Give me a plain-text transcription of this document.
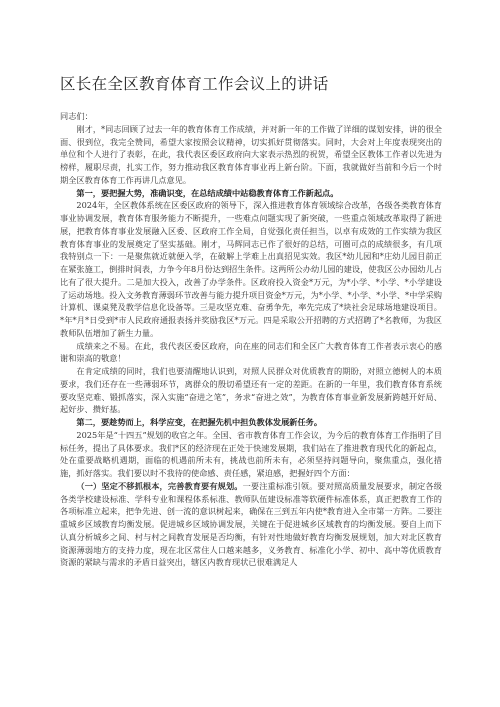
区长在全区教育体育工作会议上的讲话

同志们：

刚才，*同志回顾了过去一年的教育体育工作成绩，并对新一年的工作做了详细的谋划安排，讲的很全面、很到位，我完全赞同，希望大家按照会议精神，切实抓好贯彻落实。同时，大会对上年度表现突出的单位和个人进行了表彰，在此，我代表区委区政府向大家表示热烈的祝贺，希望全区教体工作者以先进为榜样，履职尽责，扎实工作，努力推动我区教育体育事业再上新台阶。下面，我就做好当前和今后一个时期全区教育体育工作再讲几点意见。

第一，要把握大势，准确识变，在总结成绩中站稳教育体育工作新起点。

2024年，全区教体系统在区委区政府的领导下，深入推进教育体育领域综合改革，各级各类教育体育事业协调发展，教育体育服务能力不断提升，一些难点问题实现了新突破，一些重点领域改革取得了新进展，把教育体育事业发展融入区委、区政府工作全局，自觉强化责任担当，以卓有成效的工作实绩为我区教育体育事业的发展奠定了坚实基础。刚才，马辉同志已作了很好的总结，可圈可点的成绩很多，有几项我特别点一下：一是聚焦就近就便入学，在破解上学难上出真招见实效。我区*幼儿园和*庄幼儿园目前正在紧张施工，倒排时间表，力争今年8月份达到招生条件。这两所公办幼儿园的建设，使我区公办园幼儿占比有了很大提升。二是加大投入，改善了办学条件。区政府投入资金*万元，为*小学、*小学、*小学建设了运动场地。投入文务教育薄弱环节改善与能力提升项目资金*万元，为*小学、*小学、*小学、*中学采购计算机、课桌凳及教学信息化设备等。三是攻坚克难、奋勇争先，率先完成了*块社会足球场地建设项目。*年*月*日受到*市人民政府通报表扬并奖励我区*万元。四是采取公开招聘的方式招聘了*名教师，为我区教师队伍增加了新生力量。

成绩来之不易。在此，我代表区委区政府，向在座的同志们和全区广大教育体育工作者表示衷心的感谢和崇高的敬意！

在肯定成绩的同时，我们也要清醒地认识到，对照人民群众对优质教育的期盼，对照立德树人的本质要求，我们还存在一些薄弱环节，离群众的殷切希望还有一定的差距。在新的一年里，我们教育体育系统要攻坚克难、锻抓落实，深入实施“奋进之笔”，务求“奋进之效”，为教育体育事业新发展新跨越开好局、起好步、攒好基。

第二，要趁势而上，科学应变，在把握先机中担负教体发展新任务。

2025年是“十四五”规划的收官之年。全国、省市教育体育工作会议，为今后的教育体育工作指明了目标任务，提出了具体要求。我们*区的经济现在正处于快速发展期，我们站在了推进教育现代化的新起点，处在重要战略机遇期，面临的机遇前所未有，挑战也前所未有，必须坚持问题导向，聚焦重点，强化措施，抓好落实。我们要以时不我待的使命感、责任感，紧迫感，把握好四个方面：

（一）坚定不移抓根本，完善教育要有规划。一要注重标准引领。要对照高质量发展要求，制定各级各类学校建设标准、学科专业和课程体系标准、教师队伍建设标准等软硬件标准体系，真正把教育工作的各项标准立起来，把争先进、创一流的意识树起来，确保在三到五年内使*教育进入全市第一方阵。二要注重城乡区域教育均衡发展。促进城乡区域协调发展，关键在于促进城乡区域教育的均衡发展。要自上而下认真分析城乡之间、村与村之间教育发展是否均衡，有针对性地做好教育均衡发展规划，加大对北区教育资源薄弱地方的支持力度，现在北区常住人口越来越多，义务教育、标准化小学、初中、高中等优质教育资源的紧缺与需求的矛盾日益突出，辖区内教育现状已很难满足人
